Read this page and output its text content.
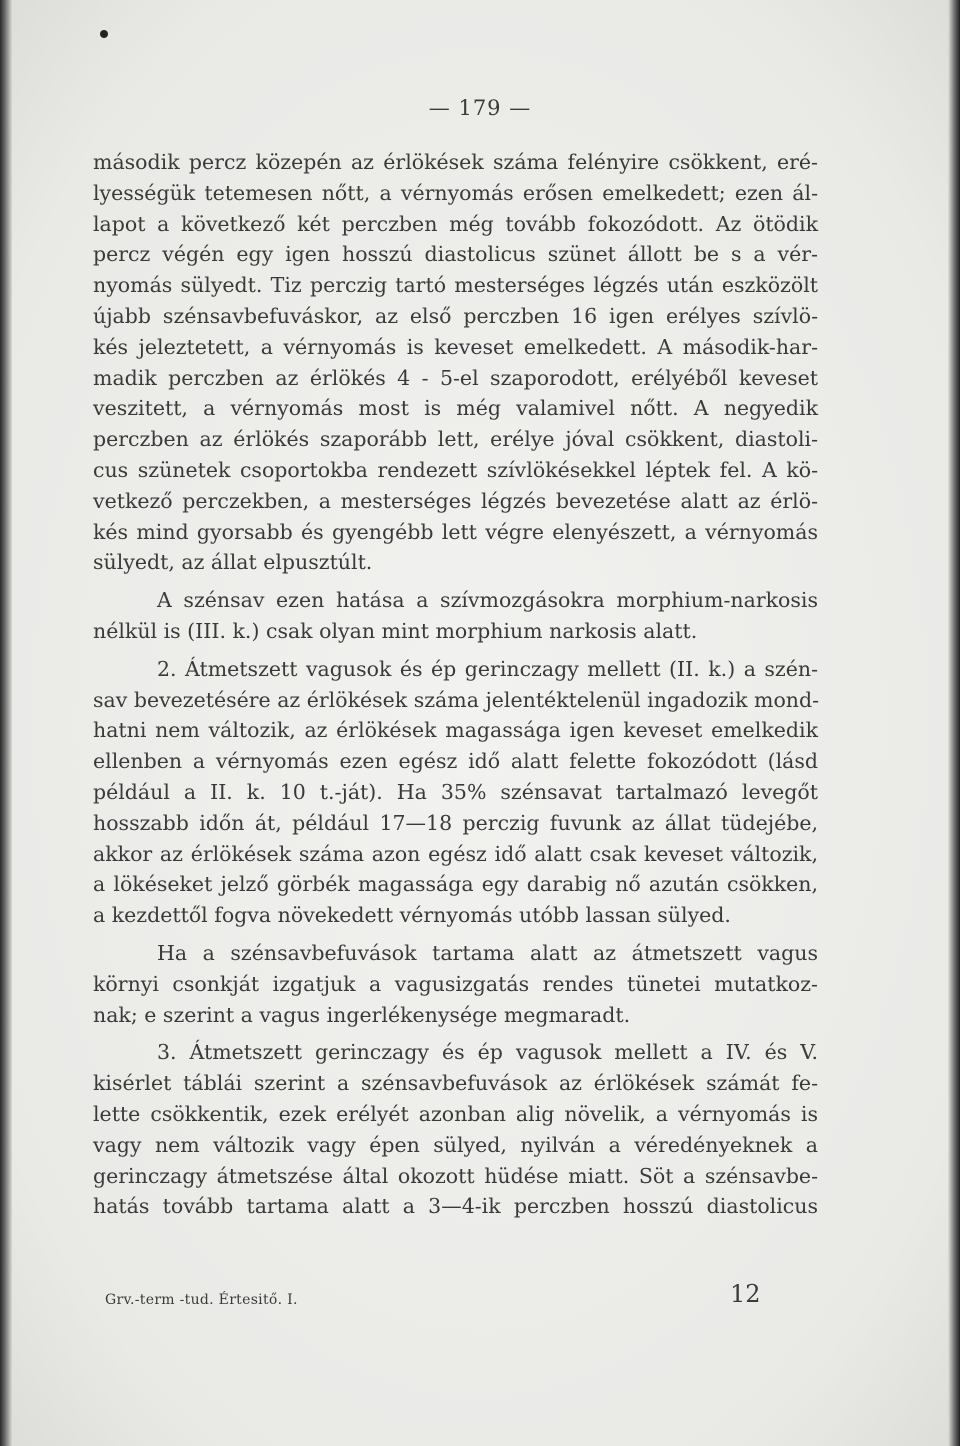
— 179 —
második percz közepén az érlökések száma felényire csökkent, eré-
lyességük tetemesen nőtt, a vérnyomás erősen emelkedett; ezen ál-
lapot a következő két perczben még tovább fokozódott. Az ötödik
percz végén egy igen hosszú diastolicus szünet állott be s a vér-
nyomás sülyedt. Tiz perczig tartó mesterséges légzés után eszközölt
újabb szénsavbefuváskor, az első perczben 16 igen erélyes szívlö-
kés jeleztetett, a vérnyomás is keveset emelkedett. A második-har-
madik perczben az érlökés 4 - 5-el szaporodott, erélyéből keveset
veszitett, a vérnyomás most is még valamivel nőtt. A negyedik
perczben az érlökés szaporább lett, erélye jóval csökkent, diastoli-
cus szünetek csoportokba rendezett szívlökésekkel léptek fel. A kö-
vetkező perczekben, a mesterséges légzés bevezetése alatt az érlö-
kés mind gyorsabb és gyengébb lett végre elenyészett, a vérnyomás
sülyedt, az állat elpusztúlt.
A szénsav ezen hatása a szívmozgásokra morphium-narkosis
nélkül is (III. k.) csak olyan mint morphium narkosis alatt.
2. Átmetszett vagusok és ép gerinczagy mellett (II. k.) a szén-
sav bevezetésére az érlökések száma jelentéktelenül ingadozik mond-
hatni nem változik, az érlökések magassága igen keveset emelkedik
ellenben a vérnyomás ezen egész idő alatt felette fokozódott (lásd
például a II. k. 10 t.-ját). Ha 35% szénsavat tartalmazó levegőt
hosszabb időn át, például 17—18 perczig fuvunk az állat tüdejébe,
akkor az érlökések száma azon egész idő alatt csak keveset változik,
a lökéseket jelző görbék magassága egy darabig nő azután csökken,
a kezdettől fogva növekedett vérnyomás utóbb lassan sülyed.
Ha a szénsavbefuvások tartama alatt az átmetszett vagus
környi csonkját izgatjuk a vagusizgatás rendes tünetei mutatkoz-
nak; e szerint a vagus ingerlékenysége megmaradt.
3. Átmetszett gerinczagy és ép vagusok mellett a IV. és V.
kisérlet táblái szerint a szénsavbefuvások az érlökések számát fe-
lette csökkentik, ezek erélyét azonban alig növelik, a vérnyomás is
vagy nem változik vagy épen sülyed, nyilván a véredényeknek a
gerinczagy átmetszése által okozott hüdése miatt. Söt a szénsavbe-
hatás tovább tartama alatt a 3—4-ik perczben hosszú diastolicus
Grv.-term -tud. Értesitő. I.	12
